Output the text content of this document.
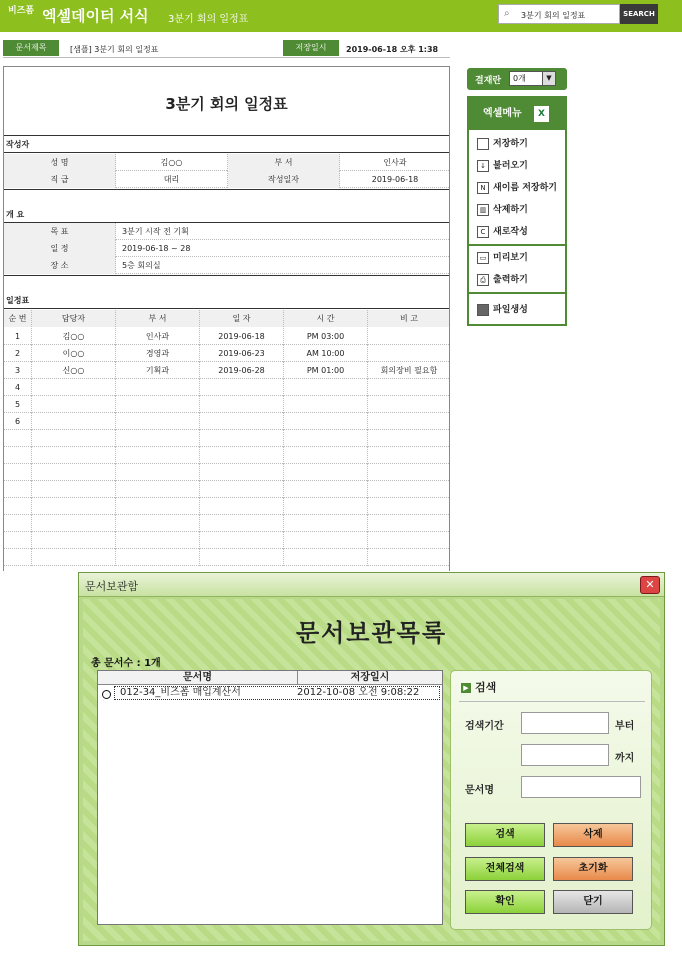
비즈폼 엑셀데이터 서식 3분기 회의 일정표
⌕ 3분기 회의 일정표	SEARCH
문서제목	[샘플] 3분기 회의 일정표	저장일시	2019-06-18 오후 1:38
3분기 회의 일정표
작성자
성 명	김○○	부 서	인사과
직 급	대리	작성일자	2019-06-18
개 요
목 표	3분기 시작 전 기획
일 정	2019-06-18 ~ 28
장 소	5층 회의실
일정표
순 번	담당자	부 서	일 자	시 간	비 고
1	김○○	인사과	2019-06-18	PM 03:00
2	이○○	경영과	2019-06-23	AM 10:00
3	신○○	기획과	2019-06-28	PM 01:00	회의장비 필요함
4
5
6
결재란	0개	▼
엑셀메뉴	X
저장하기
↓ 불러오기
N 새이름 저장하기
▥ 삭제하기
C 새로작성
▭ 미리보기
⎙ 출력하기
파일생성
문서보관함	✕
문서보관목록
총 문서수 : 1개
문서명	저장일시
012-34_비즈폼 매입계산서	2012-10-08 오전 9:08:22	▶ 검색
검색기간	부터
까지
문서명
검색	삭제
전체검색	초기화
확인	닫기
